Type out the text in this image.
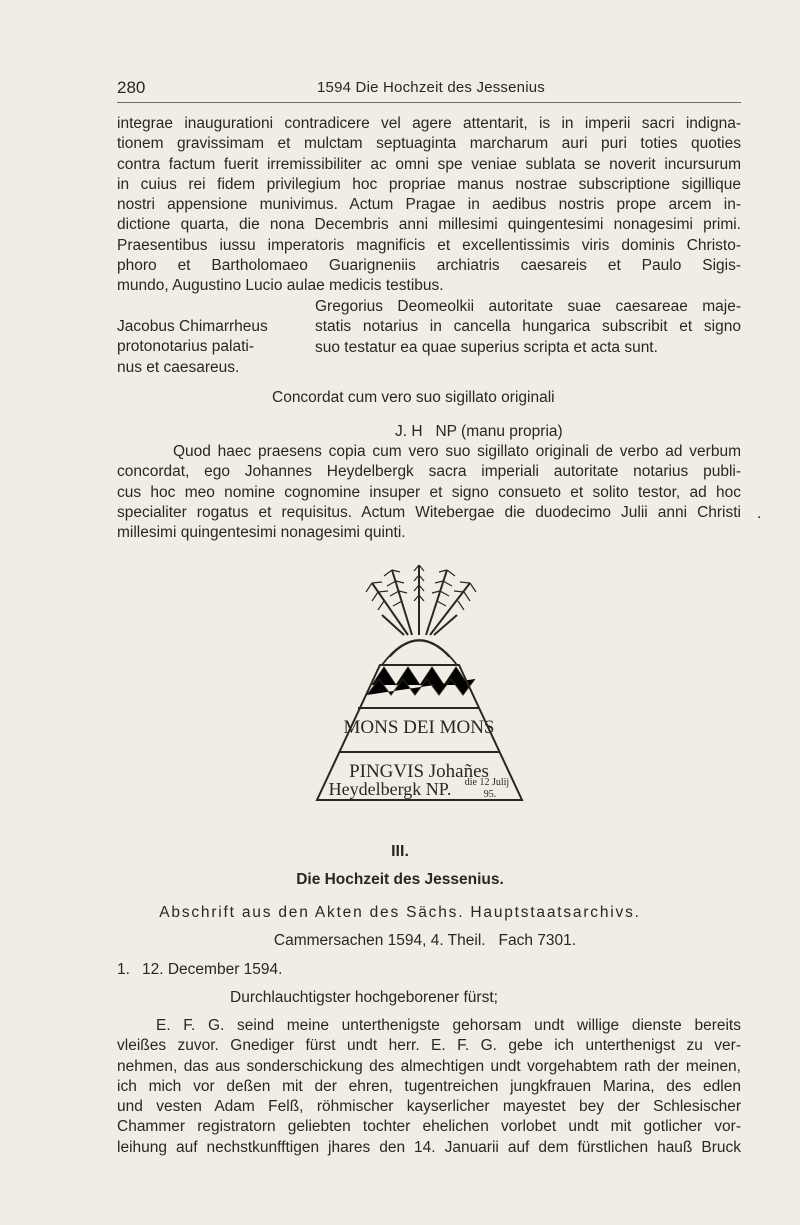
280	1594 Die Hochzeit des Jessenius
integrae inaugurationi contradicere vel agere attentarit, is in imperii sacri indigna-
tionem gravissimam et mulctam septuaginta marcharum auri puri toties quoties
contra factum fuerit irremissibiliter ac omni spe veniae sublata se noverit incursurum
in cuius rei fidem privilegium hoc propriae manus nostrae subscriptione sigillique
nostri appensione munivimus. Actum Pragae in aedibus nostris prope arcem in-
dictione quarta, die nona Decembris anni millesimi quingentesimi nonagesimi primi.
Praesentibus iussu imperatoris magnificis et excellentissimis viris dominis Christo-
phoro et Bartholomaeo Guarigneniis archiatris caesareis et Paulo Sigis-
mundo, Augustino Lucio aulae medicis testibus.
Gregorius Deomeolkii autoritate suae caesareae maje-
statis notarius in cancella hungarica subscribit et signo
suo testatur ea quae superius scripta et acta sunt.
Jacobus Chimarrheus
protonotarius palati-
nus et caesareus.
Concordat cum vero suo sigillato originali
J. H   NP (manu propria)
Quod haec praesens copia cum vero suo sigillato originali de verbo ad verbum
concordat, ego Johannes Heydelbergk sacra imperiali autoritate notarius publi-
cus hoc meo nomine cognomine insuper et signo consueto et solito testor, ad hoc
specialiter rogatus et requisitus. Actum Witebergae die duodecimo Julii anni Christi
millesimi quingentesimi nonagesimi quinti.
.
MONS DEI MONS
PINGVIS Johañes
Heydelbergk NP. die 12 Julij
95.
III.
Die Hochzeit des Jessenius.
Abschrift aus den Akten des Sächs. Hauptstaatsarchivs.
Cammersachen 1594, 4. Theil.   Fach 7301.
1. 12. December 1594.
Durchlauchtigster hochgeborener fürst;
E. F. G. seind meine unterthenigste gehorsam undt willige dienste bereits
vleißes zuvor. Gnediger fürst undt herr. E. F. G. gebe ich unterthenigst zu ver-
nehmen, das aus sonderschickung des almechtigen undt vorgehabtem rath der meinen,
ich mich vor deßen mit der ehren, tugentreichen jungkfrauen Marina, des edlen
und vesten Adam Felß, röhmischer kayserlicher mayestet bey der Schlesischer
Chammer registratorn geliebten tochter ehelichen vorlobet undt mit gotlicher vor-
leihung auf nechstkunfftigen jhares den 14. Januarii auf dem fürstlichen hauß Bruck
